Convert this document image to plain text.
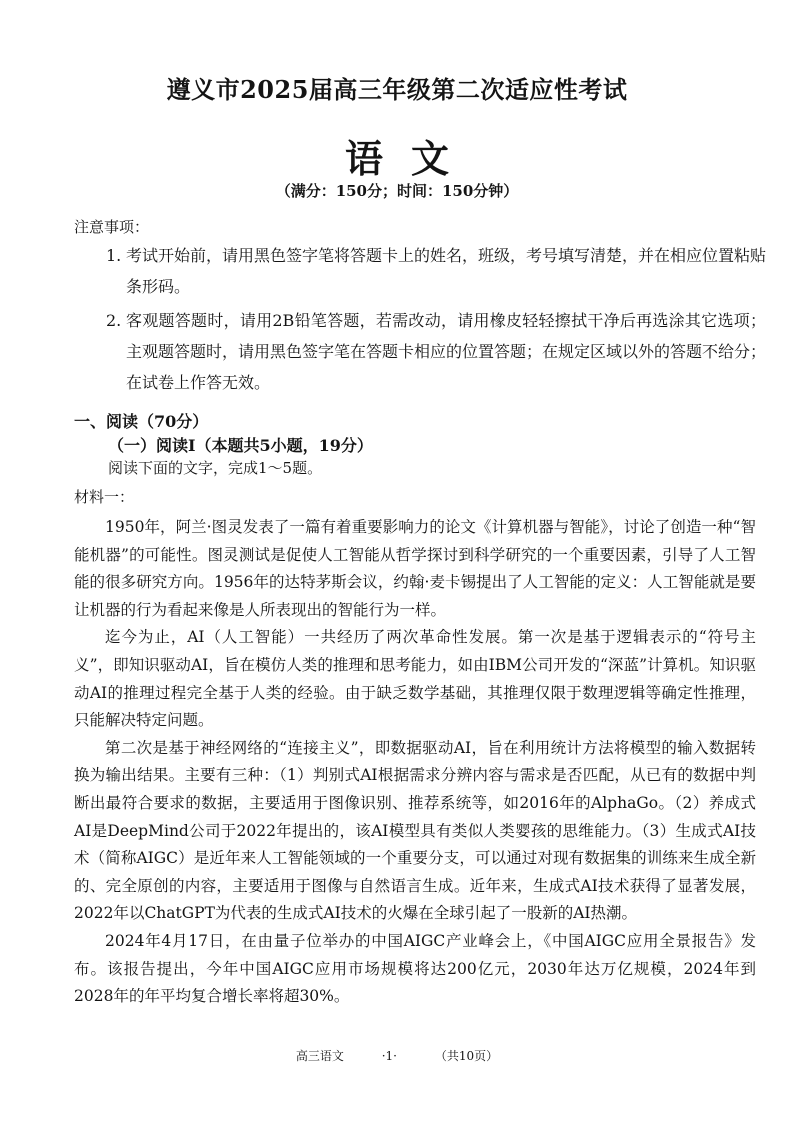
遵义市2025届高三年级第二次适应性考试
语文
（满分：150分；时间：150分钟）
注意事项：
1. 考试开始前，请用黑色签字笔将答题卡上的姓名，班级，考号填写清楚，并在相应位置粘贴条形码。
2. 客观题答题时，请用2B铅笔答题，若需改动，请用橡皮轻轻擦拭干净后再选涂其它选项；主观题答题时，请用黑色签字笔在答题卡相应的位置答题；在规定区域以外的答题不给分；在试卷上作答无效。
一、阅读（70分）
（一）阅读Ⅰ（本题共5小题，19分）
阅读下面的文字，完成1～5题。
材料一：

1950年，阿兰·图灵发表了一篇有着重要影响力的论文《计算机器与智能》，讨论了创造一种“智能机器”的可能性。图灵测试是促使人工智能从哲学探讨到科学研究的一个重要因素，引导了人工智能的很多研究方向。1956年的达特茅斯会议，约翰·麦卡锡提出了人工智能的定义：人工智能就是要让机器的行为看起来像是人所表现出的智能行为一样。

迄今为止，AI（人工智能）一共经历了两次革命性发展。第一次是基于逻辑表示的“符号主义”，即知识驱动AI，旨在模仿人类的推理和思考能力，如由IBM公司开发的“深蓝”计算机。知识驱动AI的推理过程完全基于人类的经验。由于缺乏数学基础，其推理仅限于数理逻辑等确定性推理，只能解决特定问题。

第二次是基于神经网络的“连接主义”，即数据驱动AI，旨在利用统计方法将模型的输入数据转换为输出结果。主要有三种：（1）判别式AI根据需求分辨内容与需求是否匹配，从已有的数据中判断出最符合要求的数据，主要适用于图像识别、推荐系统等，如2016年的AlphaGo。（2）养成式AI是DeepMind公司于2022年提出的，该AI模型具有类似人类婴孩的思维能力。（3）生成式AI技术（简称AIGC）是近年来人工智能领域的一个重要分支，可以通过对现有数据集的训练来生成全新的、完全原创的内容，主要适用于图像与自然语言生成。近年来，生成式AI技术获得了显著发展，2022年以ChatGPT为代表的生成式AI技术的火爆在全球引起了一股新的AI热潮。

2024年4月17日，在由量子位举办的中国AIGC产业峰会上，《中国AIGC应用全景报告》发布。该报告提出，今年中国AIGC应用市场规模将达200亿元，2030年达万亿规模，2024年到2028年的年平均复合增长率将超30%。

高三语文	·1·	（共10页）
